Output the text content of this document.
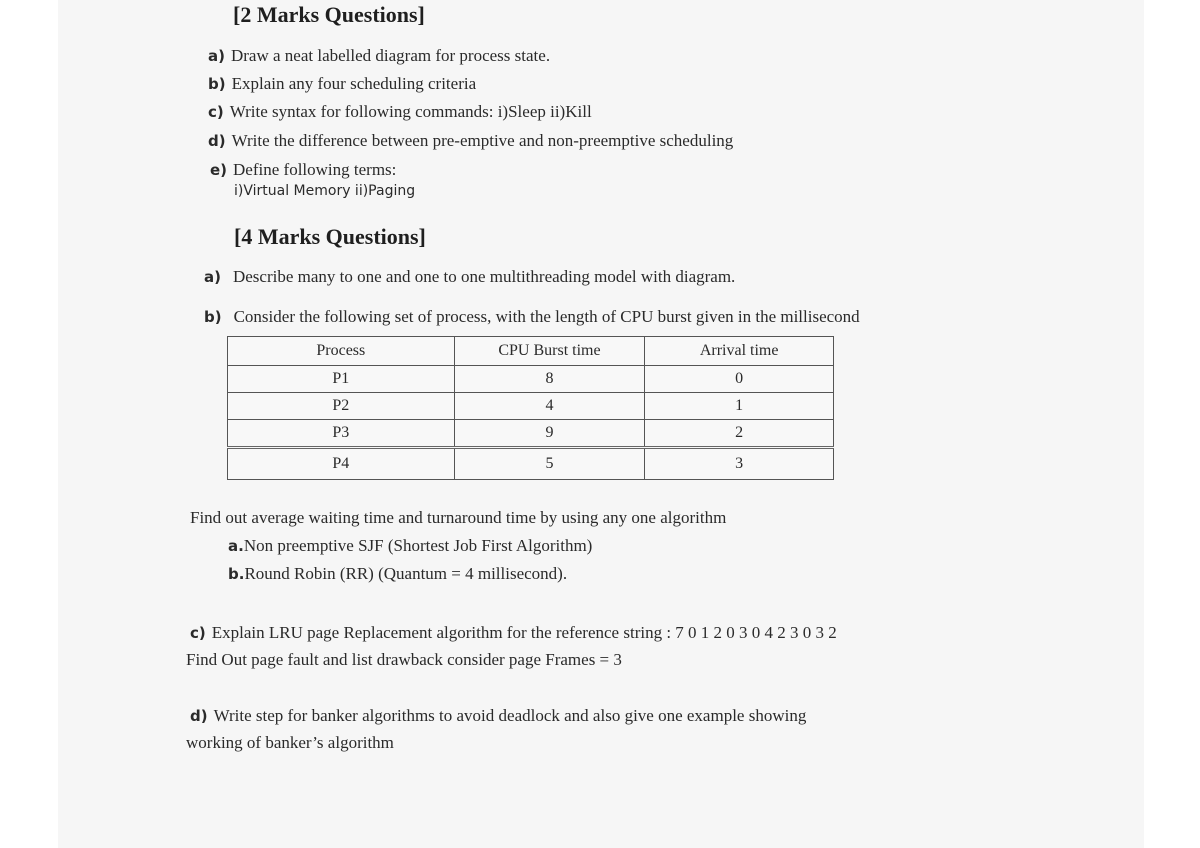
[2 Marks Questions]
a) Draw a neat labelled diagram for process state.
b) Explain any four scheduling criteria
c) Write syntax for following commands: i)Sleep ii)Kill
d) Write the difference between pre-emptive and non-preemptive scheduling
e) Define following terms:
i)Virtual Memory ii)Paging
[4 Marks Questions]
a) Describe many to one and one to one multithreading model with diagram.
b) Consider the following set of process, with the length of CPU burst given in the millisecond
Process	CPU Burst time	Arrival time
P1	8	0
P2	4	1
P3	9	2
P4	5	3
Find out average waiting time and turnaround time by using any one algorithm
a.Non preemptive SJF (Shortest Job First Algorithm)
b.Round Robin (RR) (Quantum = 4 millisecond).
c) Explain LRU page Replacement algorithm for the reference string : 7 0 1 2 0 3 0 4 2 3 0 3 2
Find Out page fault and list drawback consider page Frames = 3
d) Write step for banker algorithms to avoid deadlock and also give one example showing
working of banker’s algorithm
